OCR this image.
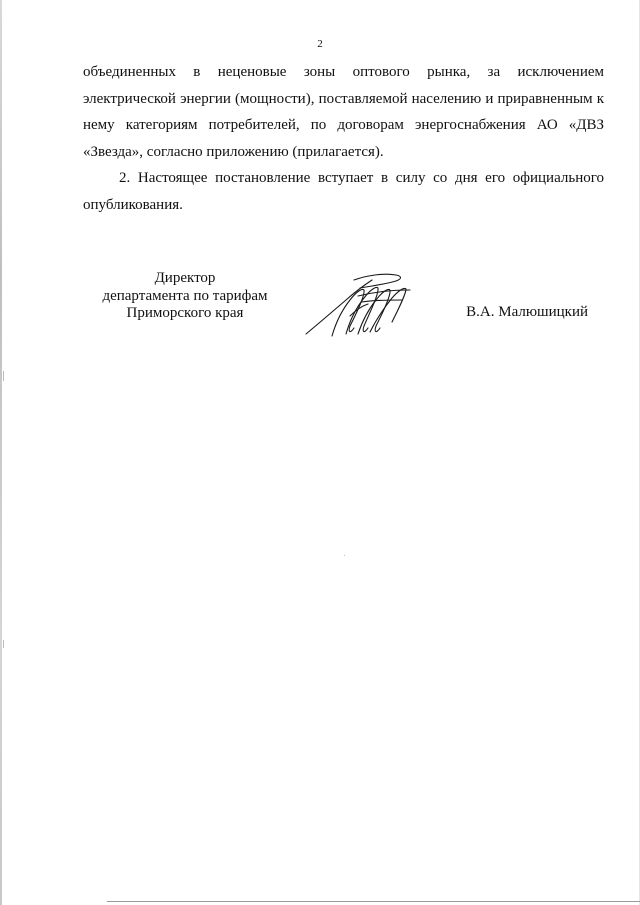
2

объединенных в неценовые зоны оптового рынка, за исключением электрической энергии (мощности), поставляемой населению и приравненным к нему категориям потребителей, по договорам энергоснабжения АО «ДВЗ «Звезда», согласно приложению (прилагается).

2. Настоящее постановление вступает в силу со дня его официального опубликования.

Директор
департамента по тарифам
Приморского края	В.А. Малюшицкий
